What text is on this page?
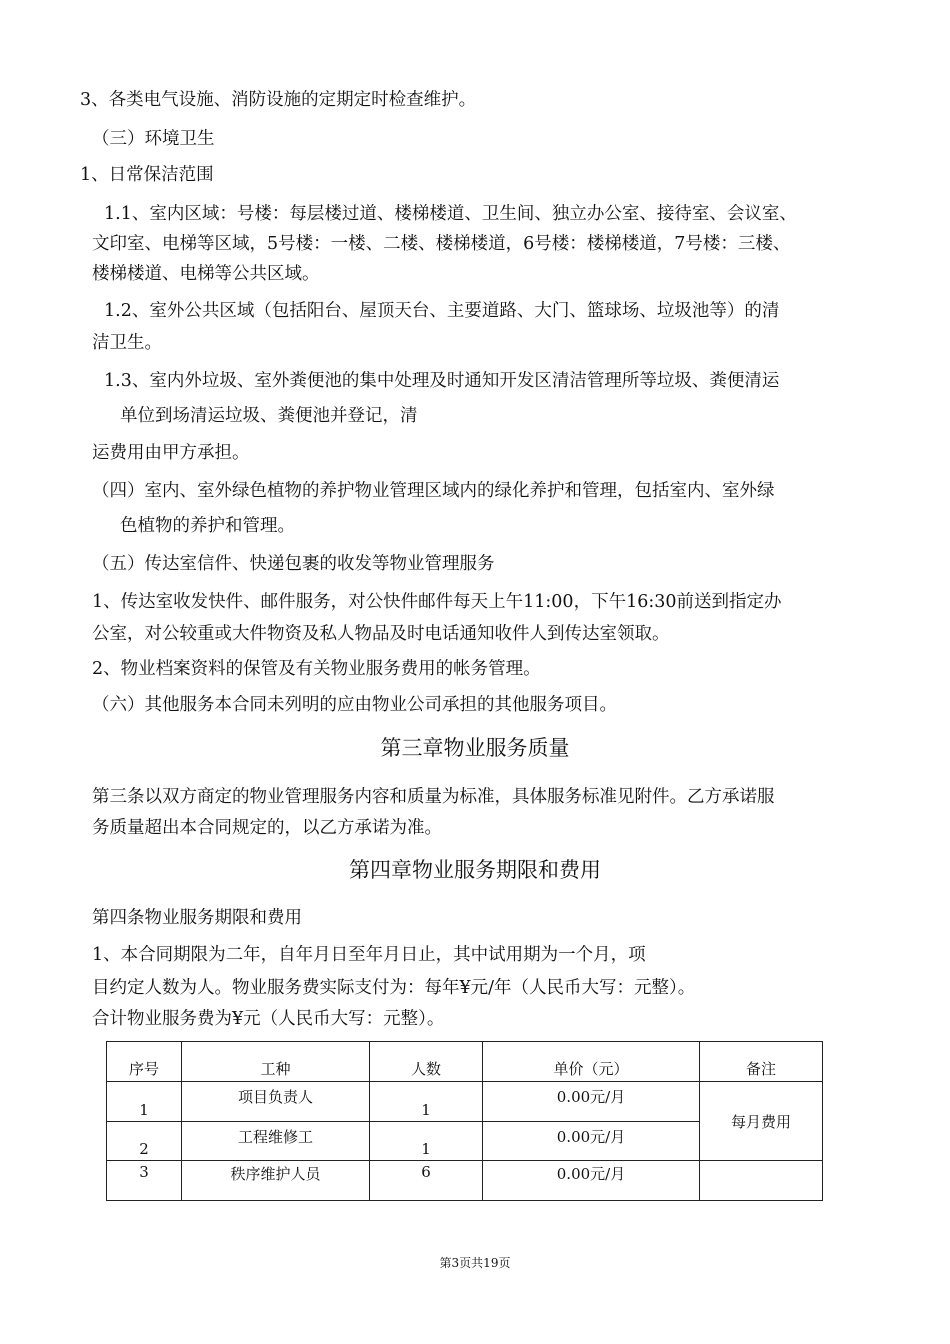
3、各类电气设施、消防设施的定期定时检查维护。
（三）环境卫生
1、日常保洁范围
1.1、室内区域：号楼：每层楼过道、楼梯楼道、卫生间、独立办公室、接待室、会议室、
文印室、电梯等区域，5号楼：一楼、二楼、楼梯楼道，6号楼：楼梯楼道，7号楼：三楼、
楼梯楼道、电梯等公共区域。
1.2、室外公共区域（包括阳台、屋顶天台、主要道路、大门、篮球场、垃圾池等）的清
洁卫生。
1.3、室内外垃圾、室外粪便池的集中处理及时通知开发区清洁管理所等垃圾、粪便清运
单位到场清运垃圾、粪便池并登记，清
运费用由甲方承担。
（四）室内、室外绿色植物的养护物业管理区域内的绿化养护和管理，包括室内、室外绿
色植物的养护和管理。
（五）传达室信件、快递包裹的收发等物业管理服务
1、传达室收发快件、邮件服务，对公快件邮件每天上午11:00，下午16:30前送到指定办
公室，对公较重或大件物资及私人物品及时电话通知收件人到传达室领取。
2、物业档案资料的保管及有关物业服务费用的帐务管理。
（六）其他服务本合同未列明的应由物业公司承担的其他服务项目。
第三章物业服务质量
第三条以双方商定的物业管理服务内容和质量为标准，具体服务标准见附件。乙方承诺服
务质量超出本合同规定的，以乙方承诺为准。
第四章物业服务期限和费用
第四条物业服务期限和费用
1、本合同期限为二年，自年月日至年月日止，其中试用期为一个月，项
目约定人数为人。物业服务费实际支付为：每年¥元/年（人民币大写：元整）。
合计物业服务费为¥元（人民币大写：元整）。
序号	工种	人数	单价（元）	备注
1	项目负责人	1	0.00元/月	每月费用
2	工程维修工	1	0.00元/月	
3	秩序维护人员	6	0.00元/月	
第3页共19页
